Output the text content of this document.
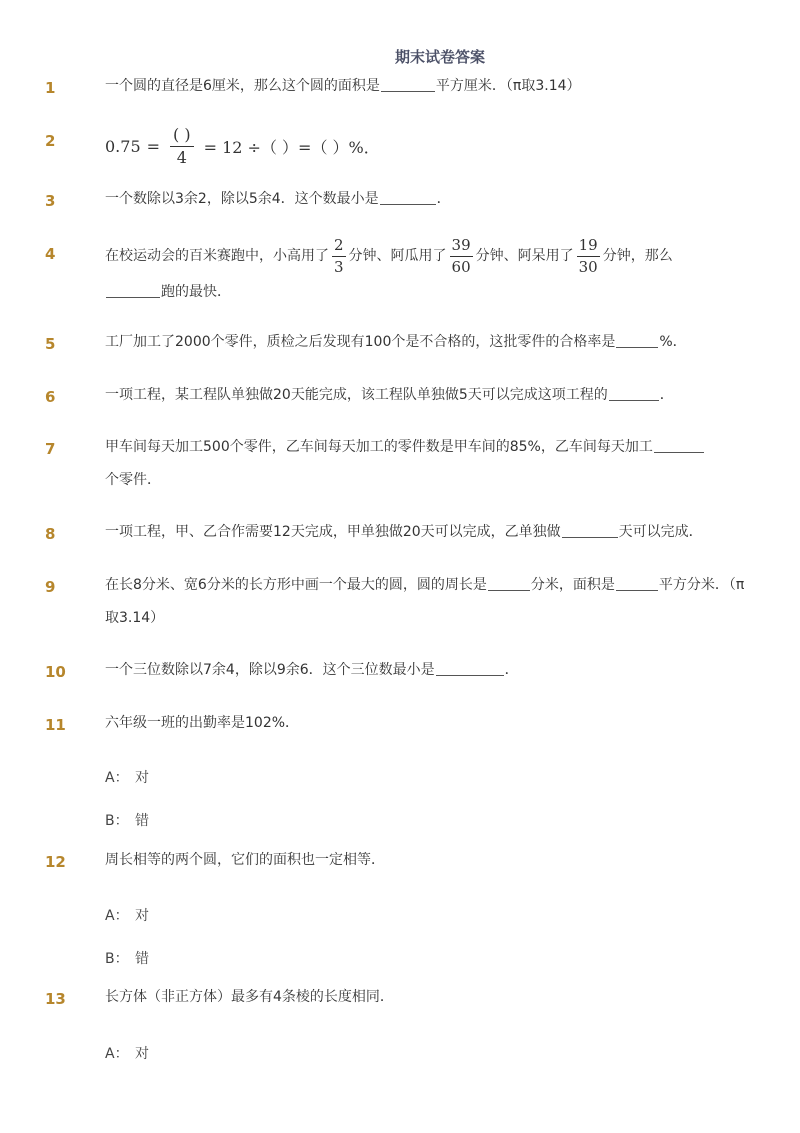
期末试卷答案
1	一个圆的直径是6厘米，那么这个圆的面积是	平方厘米．（π取3.14）
2	$0.75 = \frac{( )}{4} = 12$ ÷（ ）=（ ）% ．
3	一个数除以3余2，除以5余4．这个数最小是	．
4	在校运动会的百米赛跑中，小高用了 $\frac{2}{3}$ 分钟、阿瓜用了 $\frac{39}{60}$ 分钟、阿呆用了 $\frac{19}{30}$ 分钟，那么
跑的最快．
5	工厂加工了2000个零件，质检之后发现有100个是不合格的，这批零件的合格率是	%．
6	一项工程，某工程队单独做20天能完成，该工程队单独做5天可以完成这项工程的	．
7	甲车间每天加工500个零件，乙车间每天加工的零件数是甲车间的85%，乙车间每天加工
个零件．
8	一项工程，甲、乙合作需要12天完成，甲单独做20天可以完成，乙单独做	天可以完成．
9	在长8分米、宽6分米的长方形中画一个最大的圆，圆的周长是	分米，面积是	平方分米．（π取3.14）
10	一个三位数除以7余4，除以9余6．这个三位数最小是	．
11	六年级一班的出勤率是102%．
A： 对
B： 错
12	周长相等的两个圆，它们的面积也一定相等．
A： 对
B： 错
13	长方体（非正方体）最多有4条棱的长度相同．
A： 对
